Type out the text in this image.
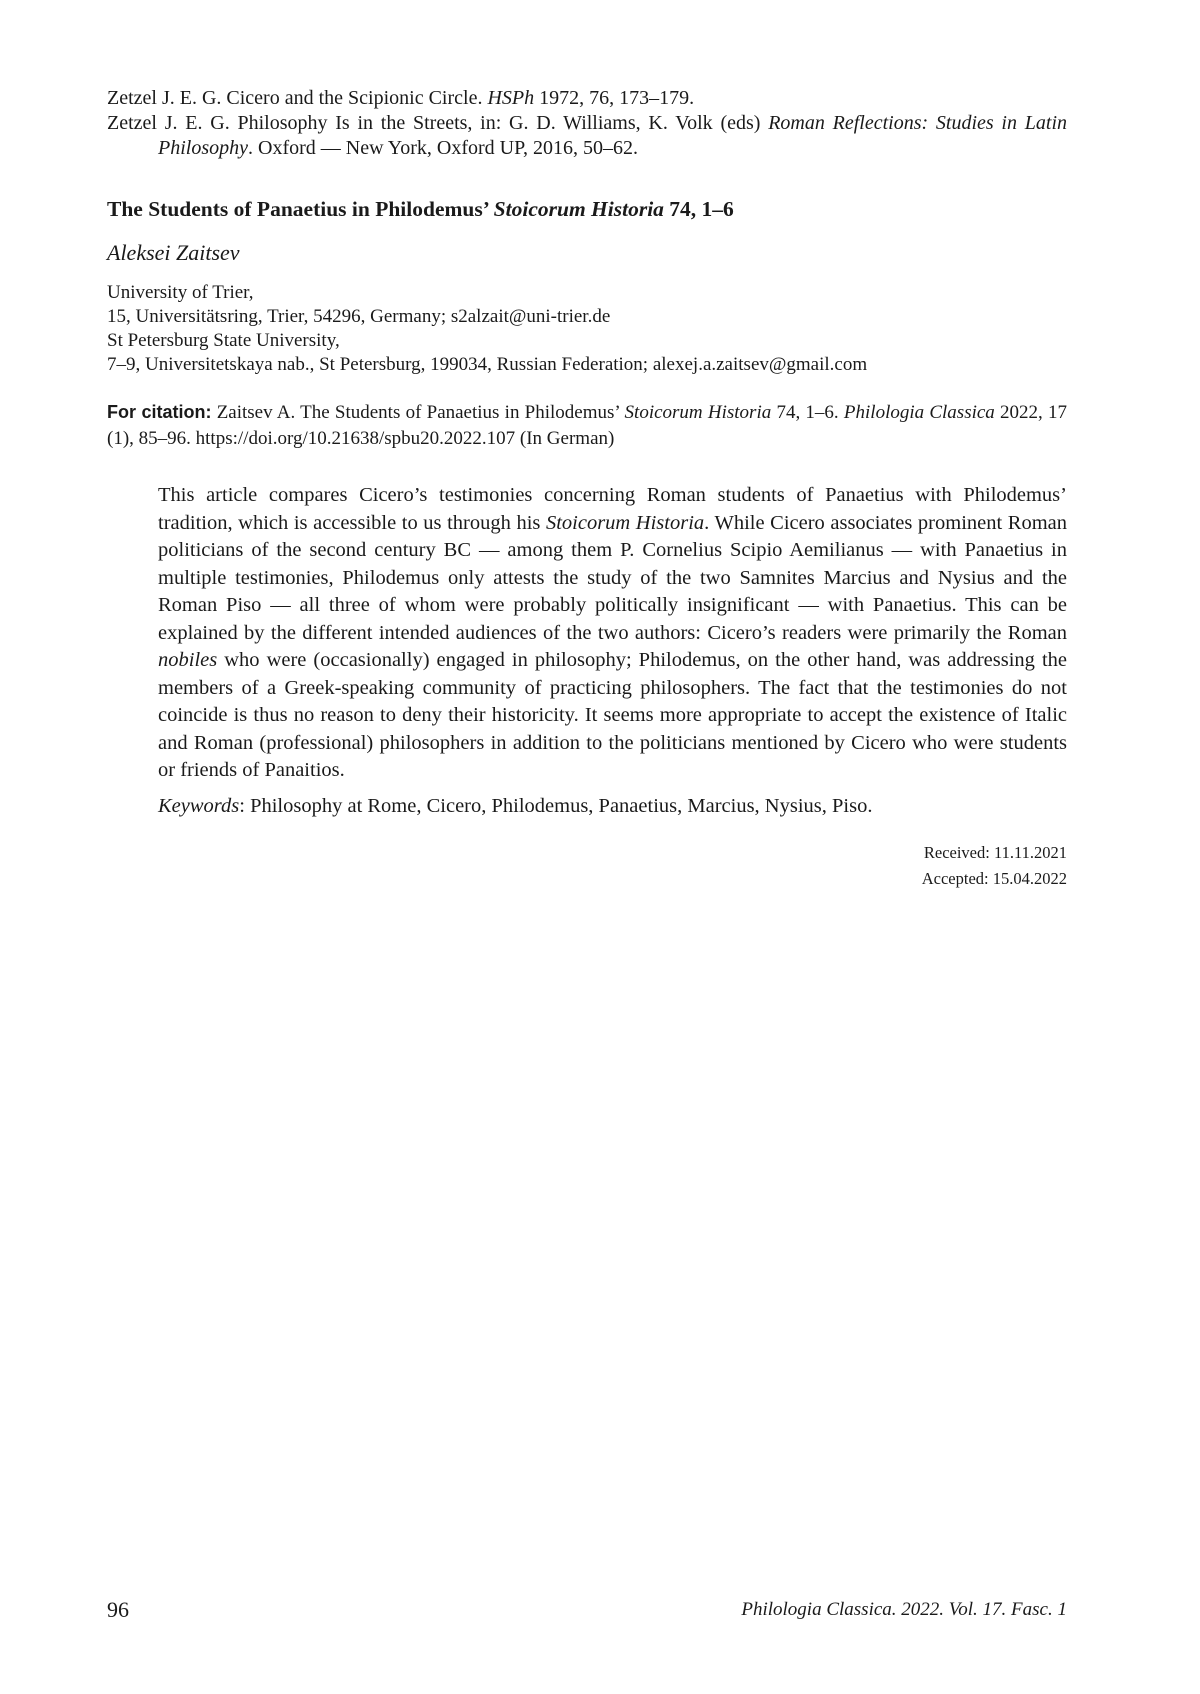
Zetzel J. E. G. Cicero and the Scipionic Circle. HSPh 1972, 76, 173–179.

Zetzel J. E. G. Philosophy Is in the Streets, in: G. D. Williams, K. Volk (eds) Roman Reflections: Studies in Latin Philosophy. Oxford — New York, Oxford UP, 2016, 50–62.

The Students of Panaetius in Philodemus’ Stoicorum Historia 74, 1–6
Aleksei Zaitsev
University of Trier,
15, Universitätsring, Trier, 54296, Germany; s2alzait@uni-trier.de
St Petersburg State University,
7–9, Universitetskaya nab., St Petersburg, 199034, Russian Federation; alexej.a.zaitsev@gmail.com

For citation: Zaitsev A. The Students of Panaetius in Philodemus’ Stoicorum Historia 74, 1–6. Philologia Classica 2022, 17 (1), 85–96. https://doi.org/10.21638/spbu20.2022.107 (In German)

This article compares Cicero’s testimonies concerning Roman students of Panaetius with Philodemus’ tradition, which is accessible to us through his Stoicorum Historia. While Cicero associates prominent Roman politicians of the second century BC — among them P. Cornelius Scipio Aemilianus — with Panaetius in multiple testimonies, Philodemus only attests the study of the two Samnites Marcius and Nysius and the Roman Piso — all three of whom were probably politically insignificant — with Panaetius. This can be explained by the different intended audiences of the two authors: Cicero’s readers were primarily the Roman nobiles who were (occasionally) engaged in philosophy; Philodemus, on the other hand, was addressing the members of a Greek-speaking community of practicing philosophers. The fact that the testimonies do not coincide is thus no reason to deny their historicity. It seems more appropriate to accept the existence of Italic and Roman (professional) philosophers in addition to the politicians mentioned by Cicero who were students or friends of Panaitios.

Keywords: Philosophy at Rome, Cicero, Philodemus, Panaetius, Marcius, Nysius, Piso.

Received: 11.11.2021
Accepted: 15.04.2022
96	Philologia Classica. 2022. Vol. 17. Fasc. 1
